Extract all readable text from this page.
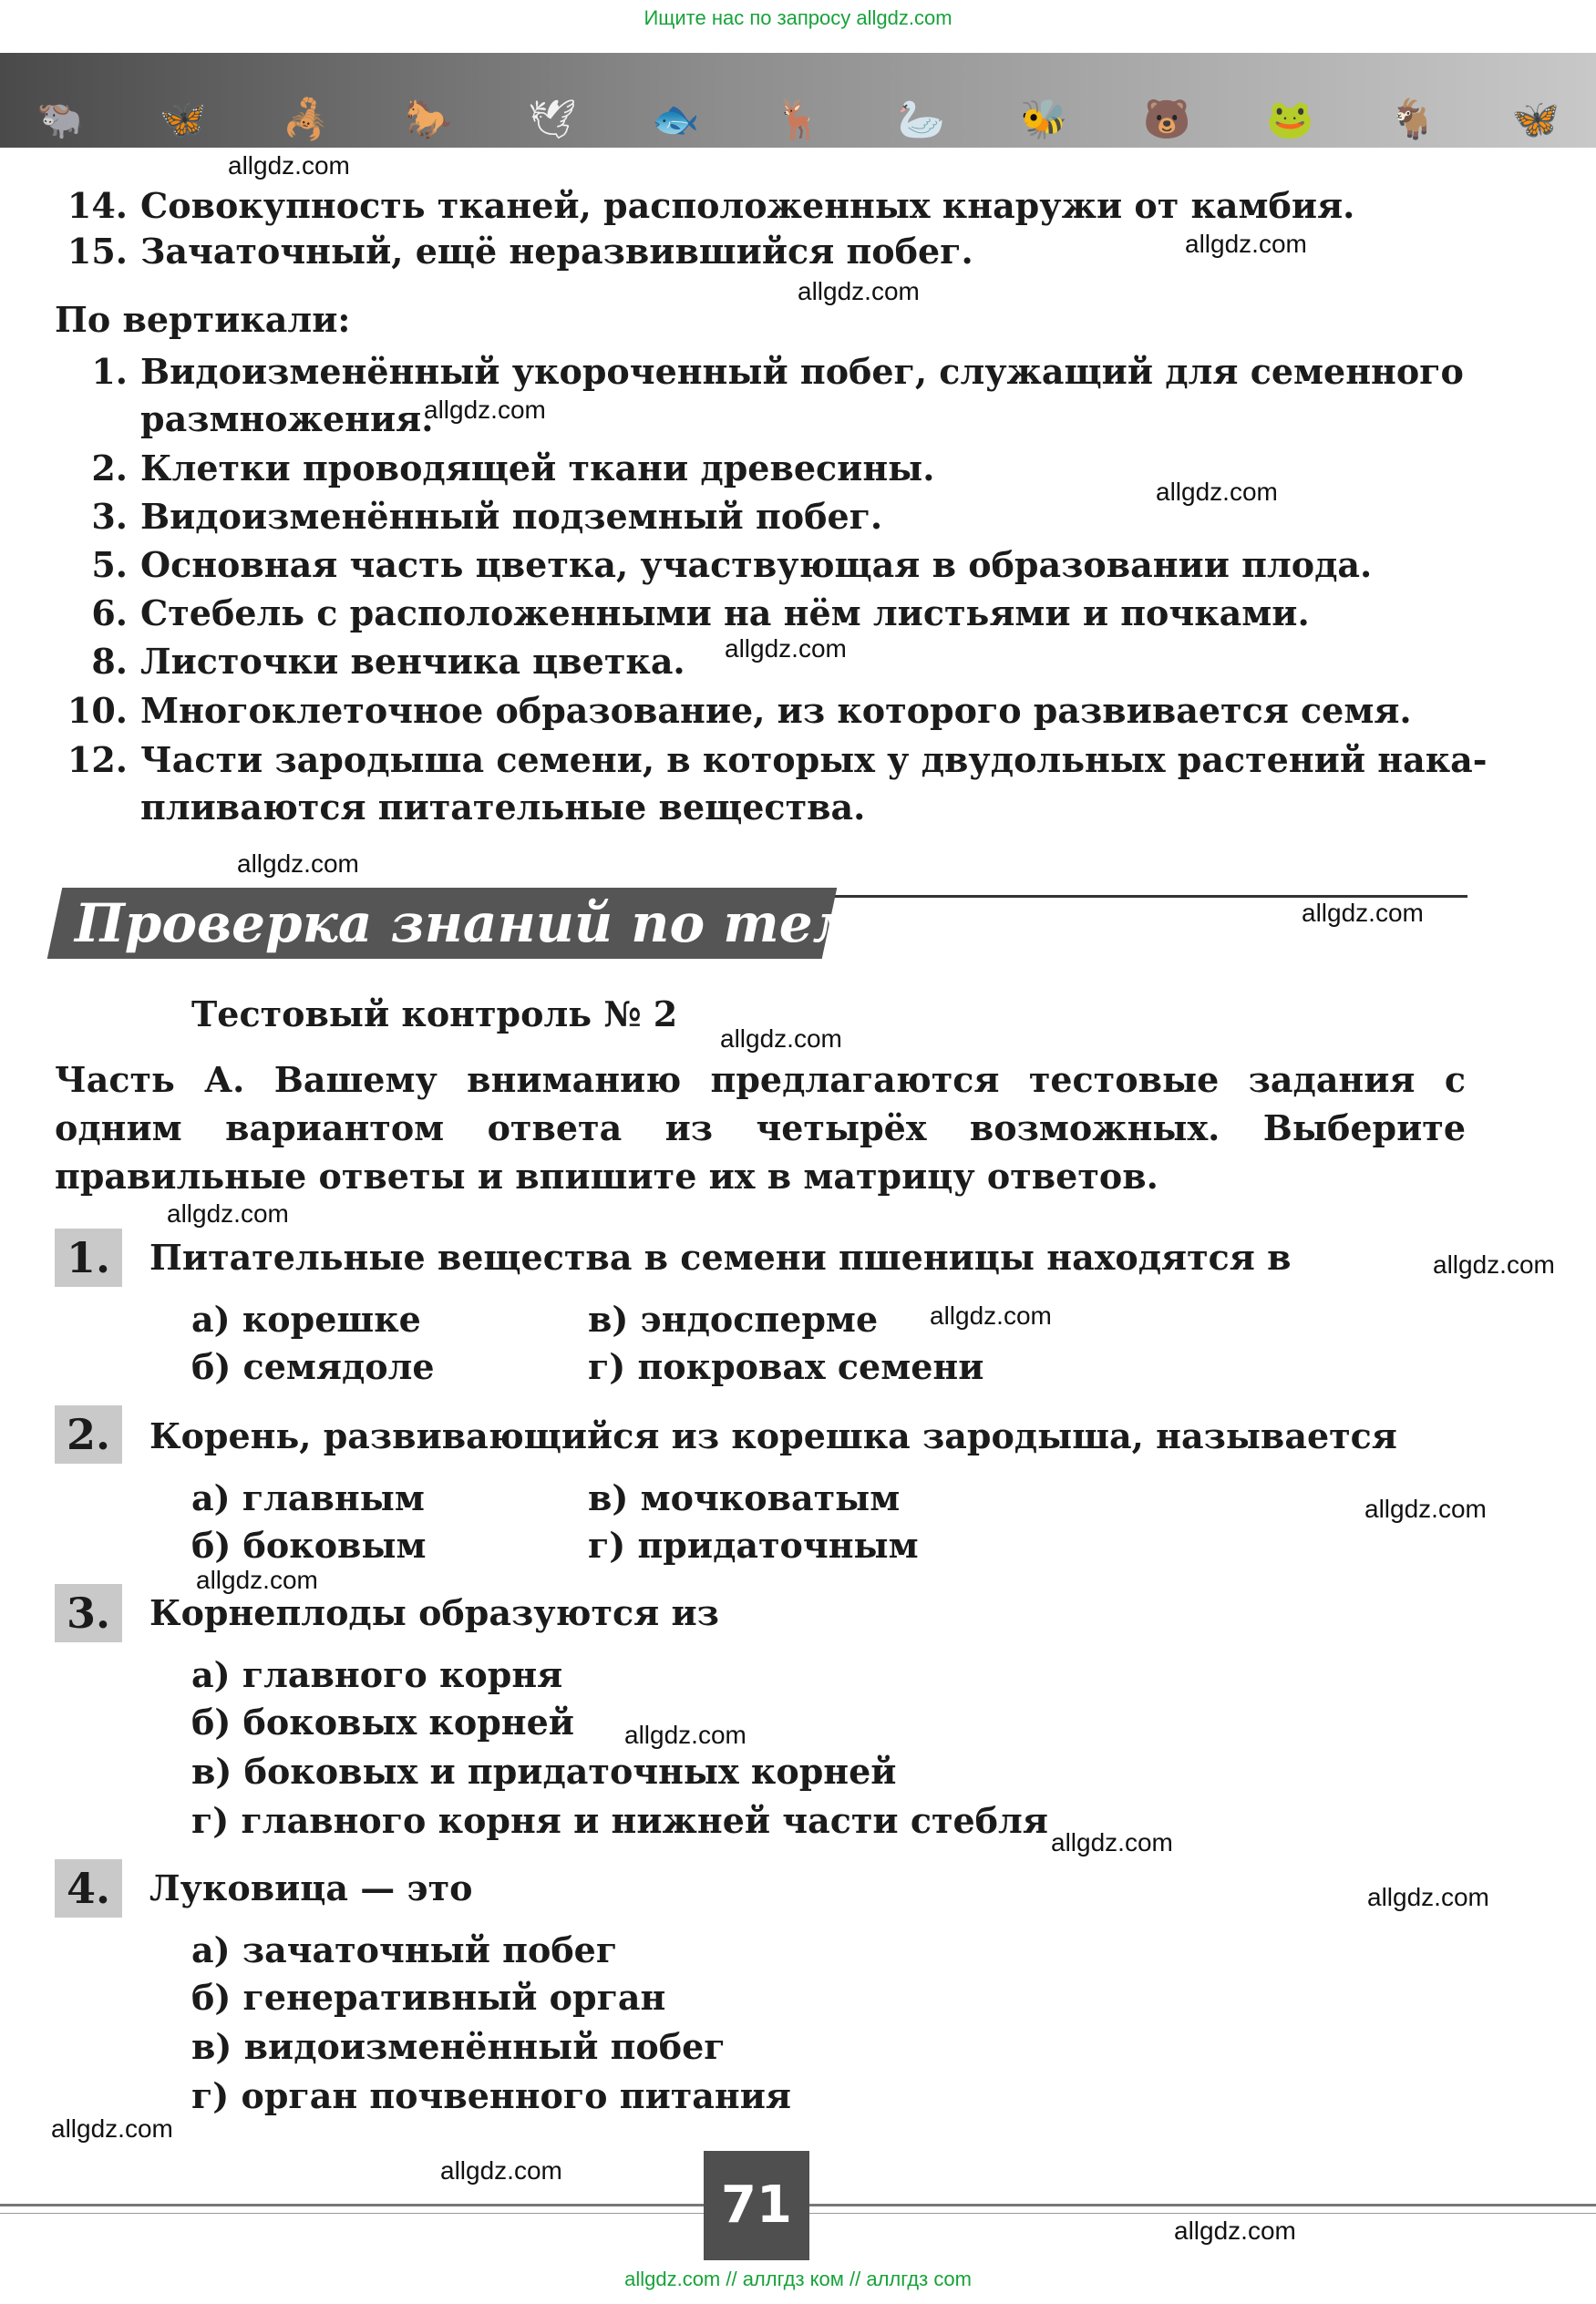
Ищите нас по запросу allgdz.com
🐃 🦋 🦂 🐎 🕊 🐟 🦌 🦢 🐝 🐻 🐸 🐐 🦋
14. Совокупность тканей, расположенных кнаружи от камбия.
15. Зачаточный, ещё неразвившийся побег.
По вертикали:
1. Видоизменённый укороченный побег, служащий для семенного
размножения.
2. Клетки проводящей ткани древесины.
3. Видоизменённый подземный побег.
5. Основная часть цветка, участвующая в образовании плода.
6. Стебель с расположенными на нём листьями и почками.
8. Листочки венчика цветка.
10. Многоклеточное образование, из которого развивается семя.
12. Части зародыша семени, в которых у двудольных растений нака-
пливаются питательные вещества.
Проверка знаний по теме
Тестовый контроль № 2
Часть А. Вашему вниманию предлагаются тестовые задания с одним вариантом ответа из четырёх возможных. Выберите правильные ответы и впишите их в матрицу ответов.
1.	Питательные вещества в семени пшеницы находятся в
а) корешке	в) эндосперме
б) семядоле	г) покровах семени
2.	Корень, развивающийся из корешка зародыша, называется
а) главным	в) мочковатым
б) боковым	г) придаточным
3.	Корнеплоды образуются из
а) главного корня
б) боковых корней
в) боковых и придаточных корней
г) главного корня и нижней части стебля
4.	Луковица — это
а) зачаточный побег
б) генеративный орган
в) видоизменённый побег
г) орган почвенного питания
allgdz.com
allgdz.com
allgdz.com
allgdz.com
allgdz.com
allgdz.com
allgdz.com
allgdz.com
allgdz.com
allgdz.com
allgdz.com
allgdz.com
allgdz.com
allgdz.com
allgdz.com
allgdz.com
allgdz.com
allgdz.com
allgdz.com
allgdz.com
71
allgdz.com // аллгдз ком // аллгдз com
